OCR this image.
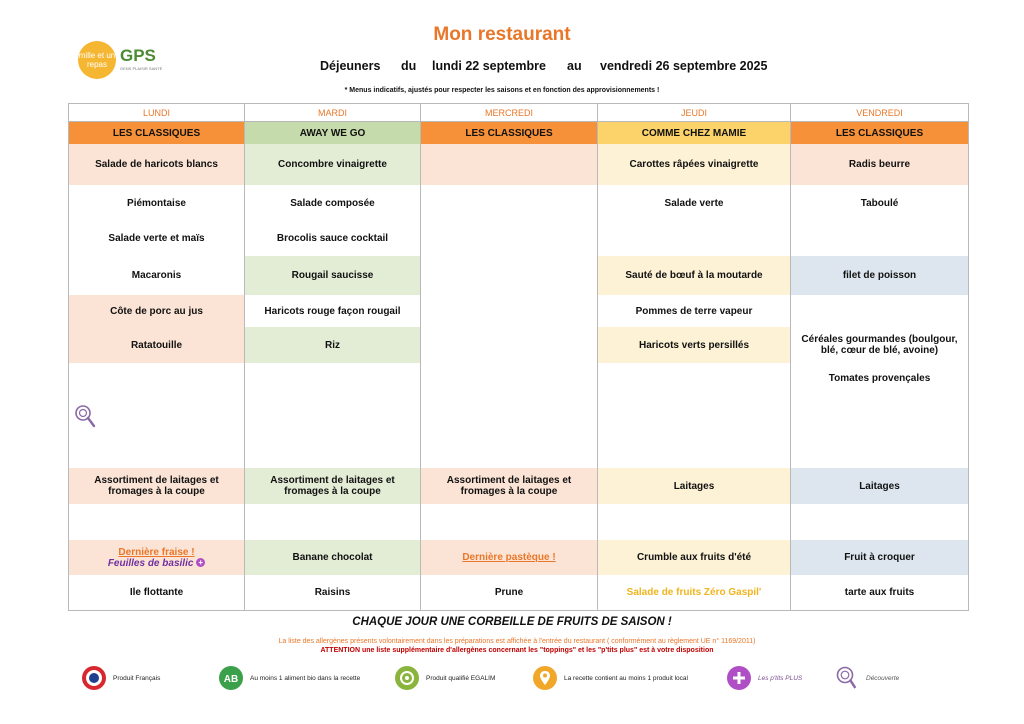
mille et un repas GPS
GENS PLAISIR SANTÉ
Mon restaurant
Déjeuners du lundi 22 septembre au vendredi 26 septembre 2025
* Menus indicatifs, ajustés pour respecter les saisons et en fonction des approvisionnements !
LUNDI	MARDI	MERCREDI	JEUDI	VENDREDI
LES CLASSIQUES	AWAY WE GO	LES CLASSIQUES	COMME CHEZ MAMIE	LES CLASSIQUES
Salade de haricots blancs	Concombre vinaigrette		Carottes râpées vinaigrette	Radis beurre
Piémontaise	Salade composée		Salade verte	Taboulé
Salade verte et maïs	Brocolis sauce cocktail			
Macaronis	Rougail saucisse		Sauté de bœuf à la moutarde	filet de poisson
Côte de porc au jus	Haricots rouge façon rougail		Pommes de terre vapeur	
Ratatouille	Riz		Haricots verts persillés	Céréales gourmandes (boulgour, blé, cœur de blé, avoine)
				Tomates provençales
Assortiment de laitages et fromages à la coupe	Assortiment de laitages et fromages à la coupe	Assortiment de laitages et fromages à la coupe	Laitages	Laitages

Dernière fraise !
Feuilles de basilic +	Banane chocolat	Dernière pastèque !	Crumble aux fruits d'été	Fruit à croquer
Ile flottante	Raisins	Prune	Salade de fruits Zéro Gaspil'	tarte aux fruits
CHAQUE JOUR UNE CORBEILLE DE FRUITS DE SAISON !
La liste des allergènes présents volontairement dans les préparations est affichée à l'entrée du restaurant ( conformément au règlement UE n° 1169/2011)
ATTENTION une liste supplémentaire d'allergènes concernant les "toppings" et les "p'tits plus" est à votre disposition
Produit Français	AB Au moins 1 aliment bio dans la recette	Produit qualifié EGALIM	La recette contient au moins 1 produit local	Les p'tits PLUS	Découverte
